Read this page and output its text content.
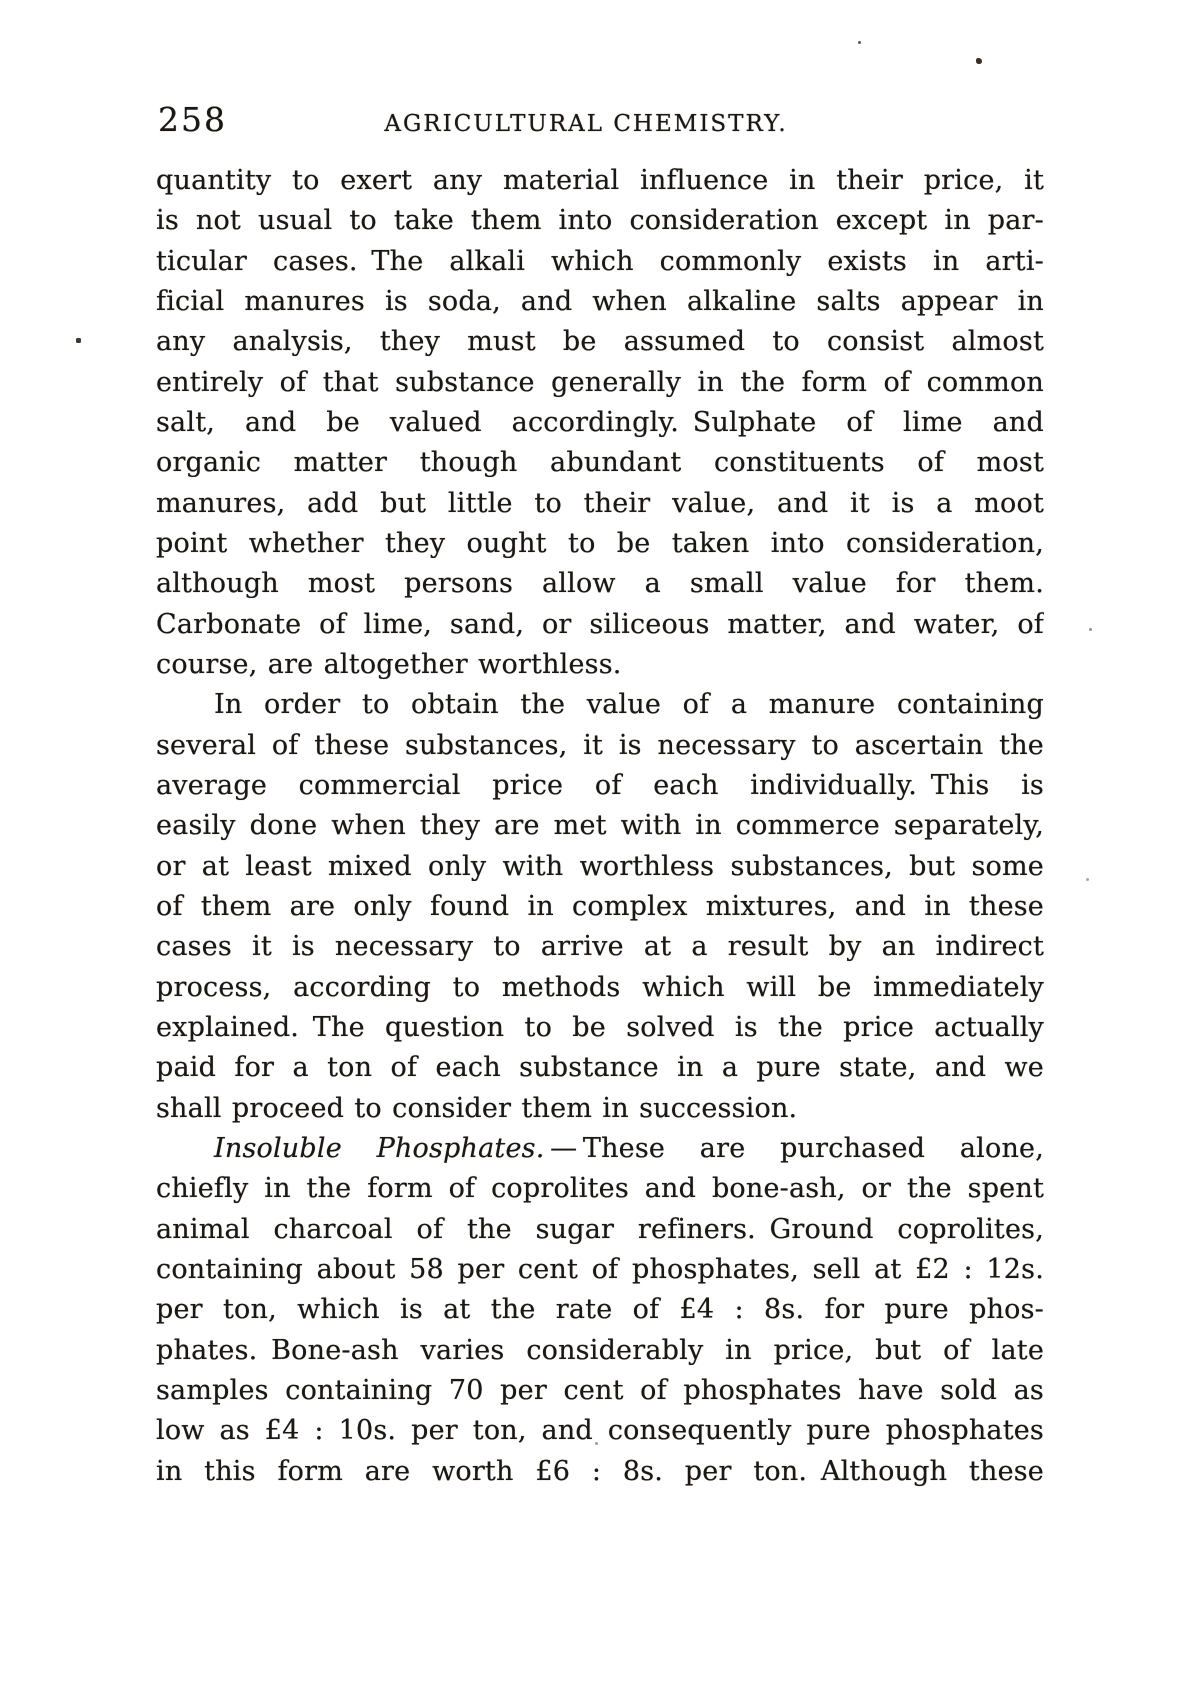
258	AGRICULTURAL CHEMISTRY.
quantity to exert any material influence in their price, it
is not usual to take them into consideration except in par-
ticular cases. The alkali which commonly exists in arti-
ficial manures is soda, and when alkaline salts appear in
any analysis, they must be assumed to consist almost
entirely of that substance generally in the form of common
salt, and be valued accordingly. Sulphate of lime and
organic matter though abundant constituents of most
manures, add but little to their value, and it is a moot
point whether they ought to be taken into consideration,
although most persons allow a small value for them.
Carbonate of lime, sand, or siliceous matter, and water, of
course, are altogether worthless.
In order to obtain the value of a manure containing
several of these substances, it is necessary to ascertain the
average commercial price of each individually. This is
easily done when they are met with in commerce separately,
or at least mixed only with worthless substances, but some
of them are only found in complex mixtures, and in these
cases it is necessary to arrive at a result by an indirect
process, according to methods which will be immediately
explained. The question to be solved is the price actually
paid for a ton of each substance in a pure state, and we
shall proceed to consider them in succession.
Insoluble Phosphates. — These are purchased alone,
chiefly in the form of coprolites and bone-ash, or the spent
animal charcoal of the sugar refiners. Ground coprolites,
containing about 58 per cent of phosphates, sell at £2 : 12s.
per ton, which is at the rate of £4 : 8s. for pure phos-
phates. Bone-ash varies considerably in price, but of late
samples containing 70 per cent of phosphates have sold as
low as £4 : 10s. per ton, and consequently pure phosphates
in this form are worth £6 : 8s. per ton. Although these
